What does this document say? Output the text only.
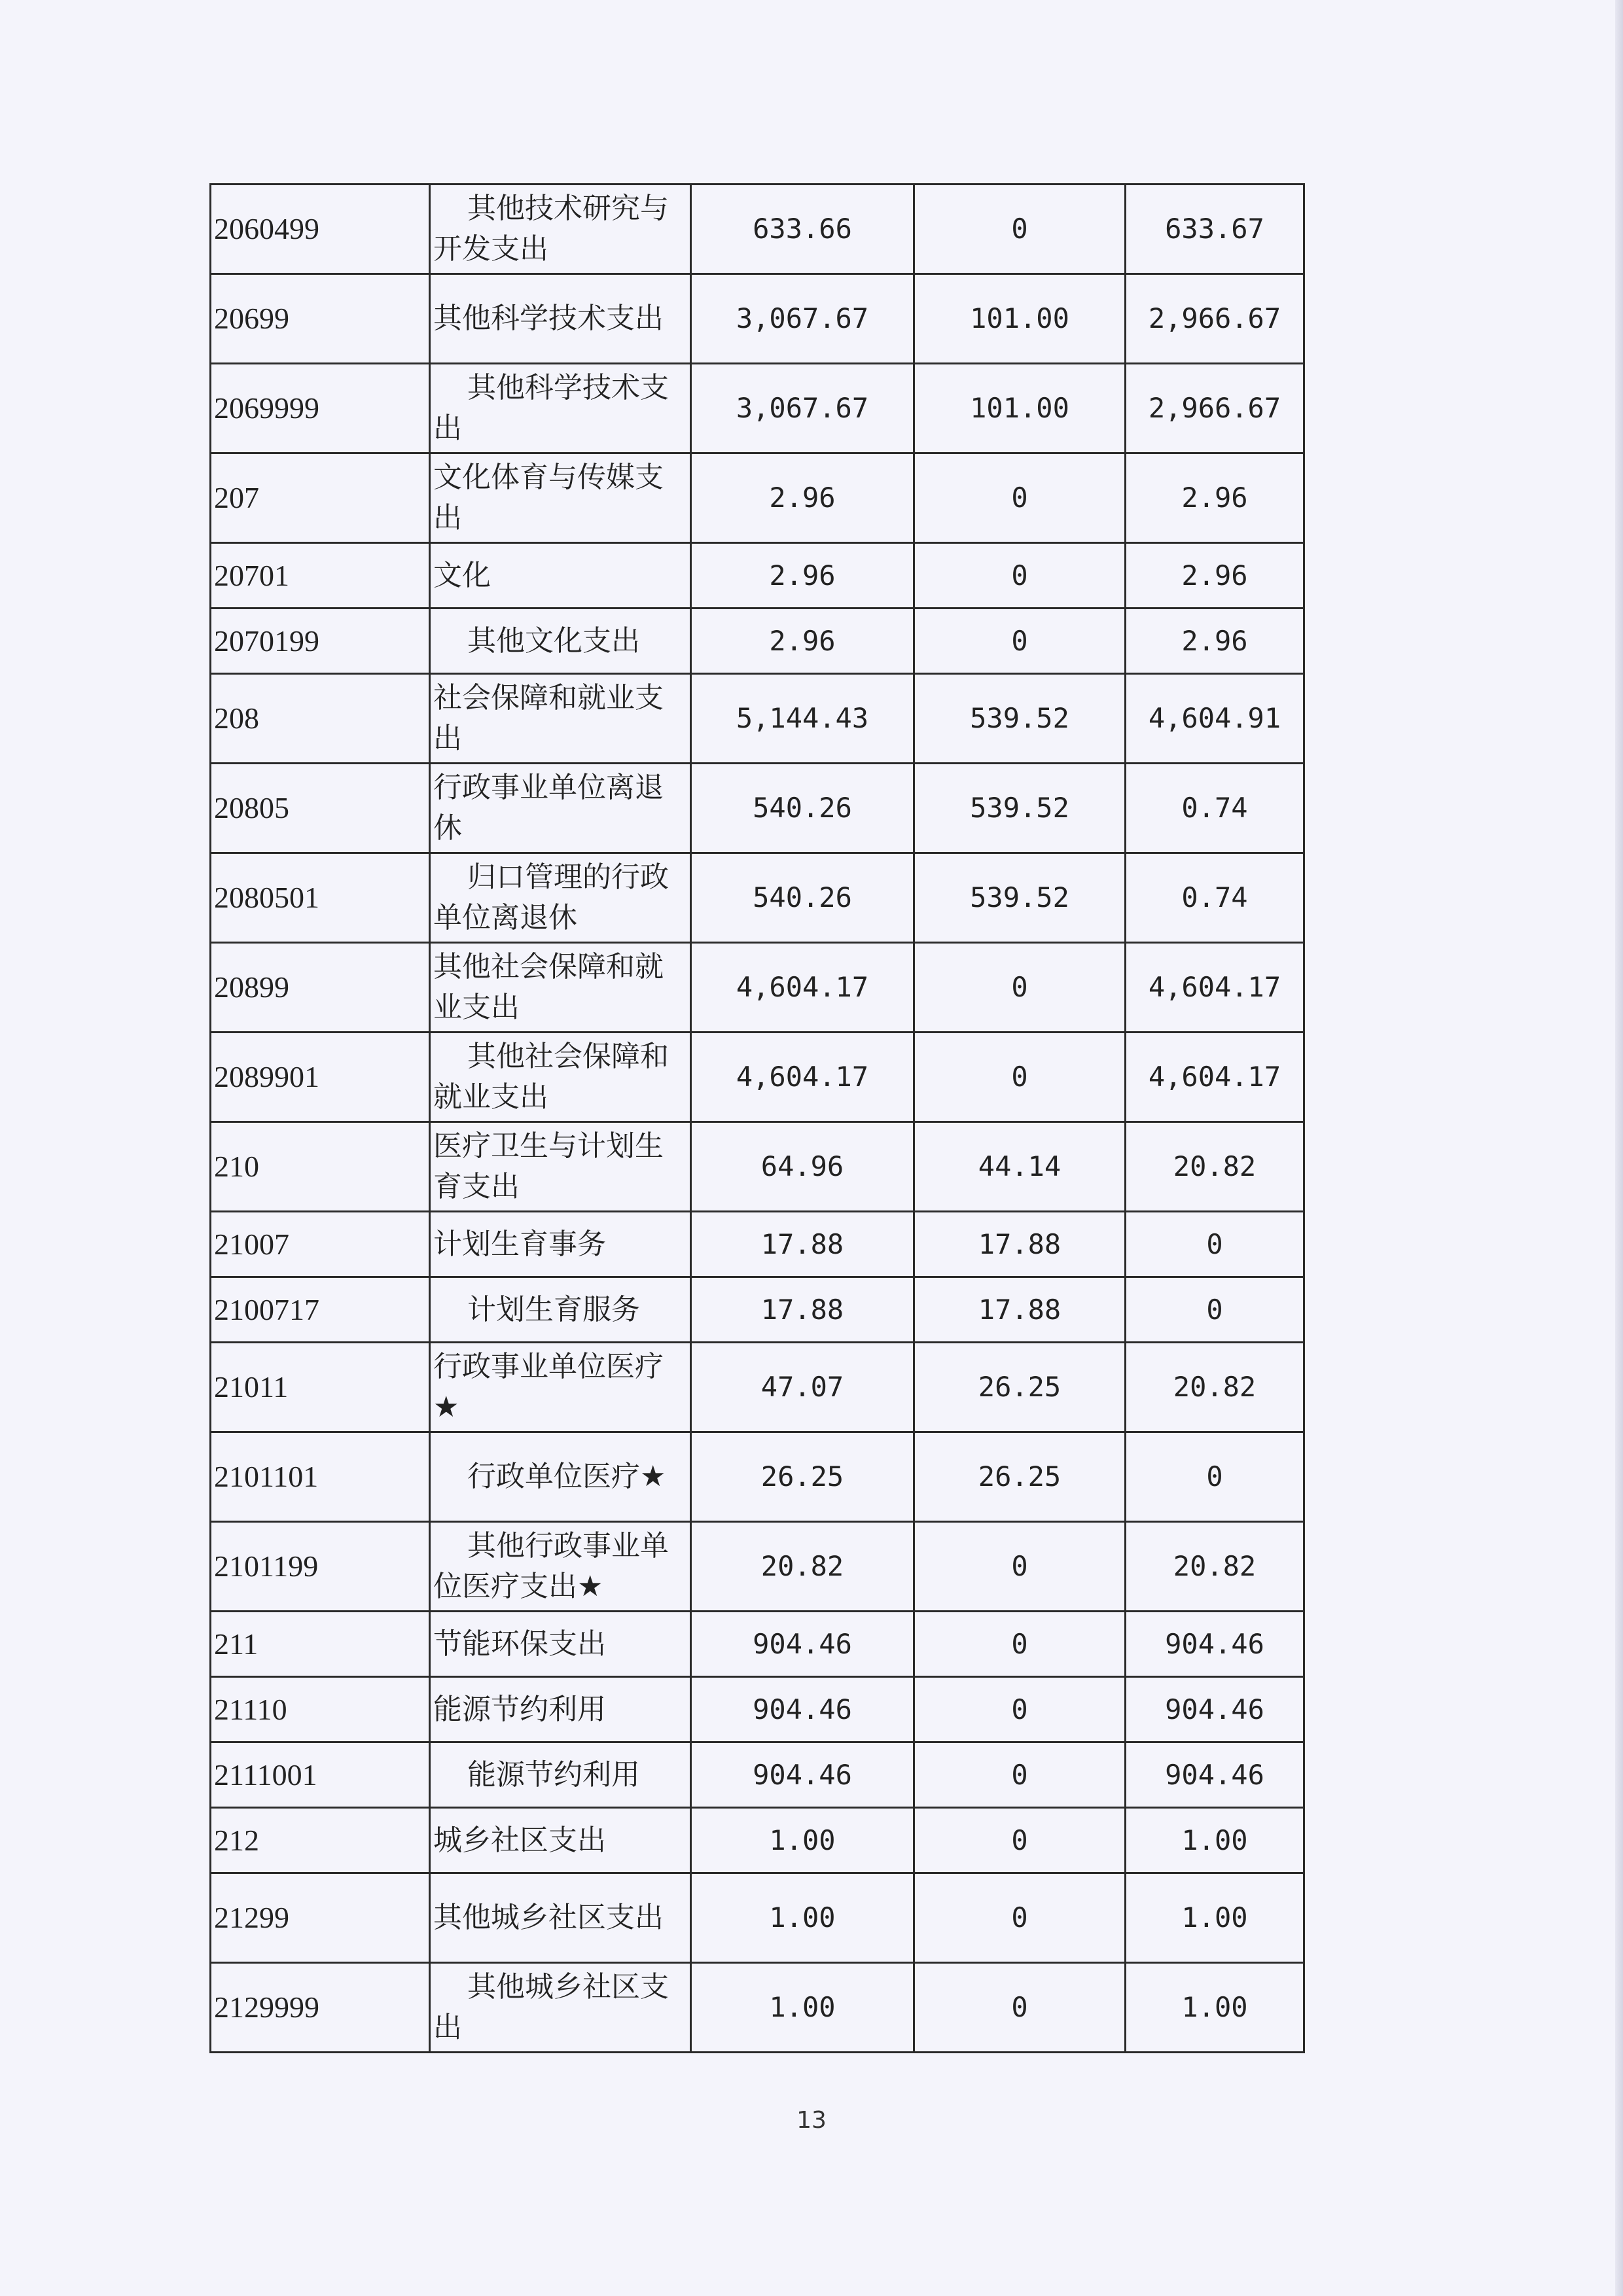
2060499	其他技术研究与开发支出	633.66	0	633.67
20699	其他科学技术支出	3,067.67	101.00	2,966.67
2069999	其他科学技术支出	3,067.67	101.00	2,966.67
207	文化体育与传媒支出	2.96	0	2.96
20701	文化	2.96	0	2.96
2070199	其他文化支出	2.96	0	2.96
208	社会保障和就业支出	5,144.43	539.52	4,604.91
20805	行政事业单位离退休	540.26	539.52	0.74
2080501	归口管理的行政单位离退休	540.26	539.52	0.74
20899	其他社会保障和就业支出	4,604.17	0	4,604.17
2089901	其他社会保障和就业支出	4,604.17	0	4,604.17
210	医疗卫生与计划生育支出	64.96	44.14	20.82
21007	计划生育事务	17.88	17.88	0
2100717	计划生育服务	17.88	17.88	0
21011	行政事业单位医疗★	47.07	26.25	20.82
2101101	行政单位医疗★	26.25	26.25	0
2101199	其他行政事业单位医疗支出★	20.82	0	20.82
211	节能环保支出	904.46	0	904.46
21110	能源节约利用	904.46	0	904.46
2111001	能源节约利用	904.46	0	904.46
212	城乡社区支出	1.00	0	1.00
21299	其他城乡社区支出	1.00	0	1.00
2129999	其他城乡社区支出	1.00	0	1.00
13
